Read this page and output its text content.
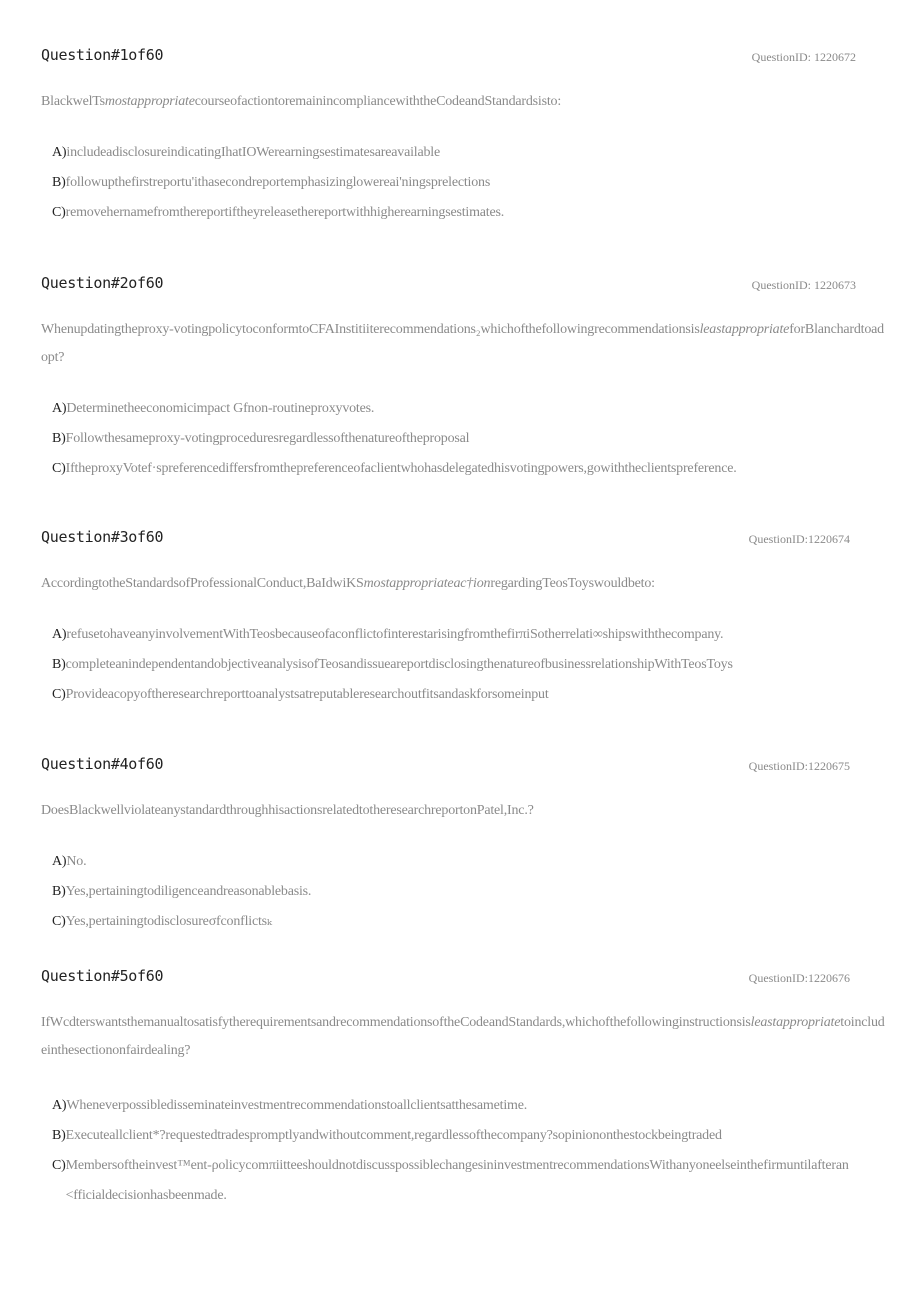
Question#1of60	QuestionID: 1220672
BlackwelTsmostappropriatecourseofactiontoremainincompliancewiththeCodeandStandardsisto:
A)includeadisclosureindicatingIhatIOWerearningsestimatesareavailable
B)followupthefirstreportu'ithasecondreportemphasizinglowereai'ningsprelections
C)removehernamefromthereportiftheyreleasethereportwithhigherearningsestimates.
Question#2of60	QuestionID: 1220673
Whenupdatingtheproxy-votingpolicytoconformtoCFAInstitiiterecommendations₂whichofthefollowingrecommendationsisleastappropriateforBlanchardtoadopt?
A)Determinetheeconomicimpact Gfnon-routineproxyvotes.
B)Followthesameproxy-votingproceduresregardlessofthenatureoftheproposal
C)IftheproxyVotef·spreferencediffersfromthepreferenceofaclientwhohasdelegatedhisvotingpowers,gowiththeclientspreference.
Question#3of60	QuestionID:1220674
AccordingtotheStandardsofProfessionalConduct,BaIdwiKSmostappropriateac†ionregardingTeosToyswouldbeto:
A)refusetohaveanyinvolvementWithTeosbecauseofaconflictofinterestarisingfromthefirπiSotherrelati∞shipswiththecompany.
B)completeanindependentandobjectiveanalysisofTeosandissueareportdisclosingthenatureofbusinessrelationshipWithTeosToys
C)Provideacopyoftheresearchreporttoanalystsatreputableresearchoutfitsandaskforsomeinput
Question#4of60	QuestionID:1220675
DoesBlackwellviolateanystandardthroughhisactionsrelatedtotheresearchreportonPatel,Inc.?
A)No.
B)Yes,pertainingtodiligenceandreasonablebasis.
C)Yes,pertainingtodisclosureσfconflictsₖ
Question#5of60	QuestionID:1220676
IfWcdterswantsthemanualtosatisfytherequirementsandrecommendationsoftheCodeandStandards,whichofthefollowinginstructionsisleastappropriatetoincludeinthesectiononfairdealing?
A)Wheneverpossibledisseminateinvestmentrecommendationstoallclientsatthesametime.
B)Executeallclient*?requestedtradespromptlyandwithoutcomment,regardlessofthecompany?sopiniononthestockbeingtraded
C) Membersoftheinvest™ent-ρolicycomπiitteeshouldnotdiscusspossiblechangesininvestmentrecommendationsWithanyoneelseinthefirmuntilafteran<fficialdecisionhasbeenmade.
